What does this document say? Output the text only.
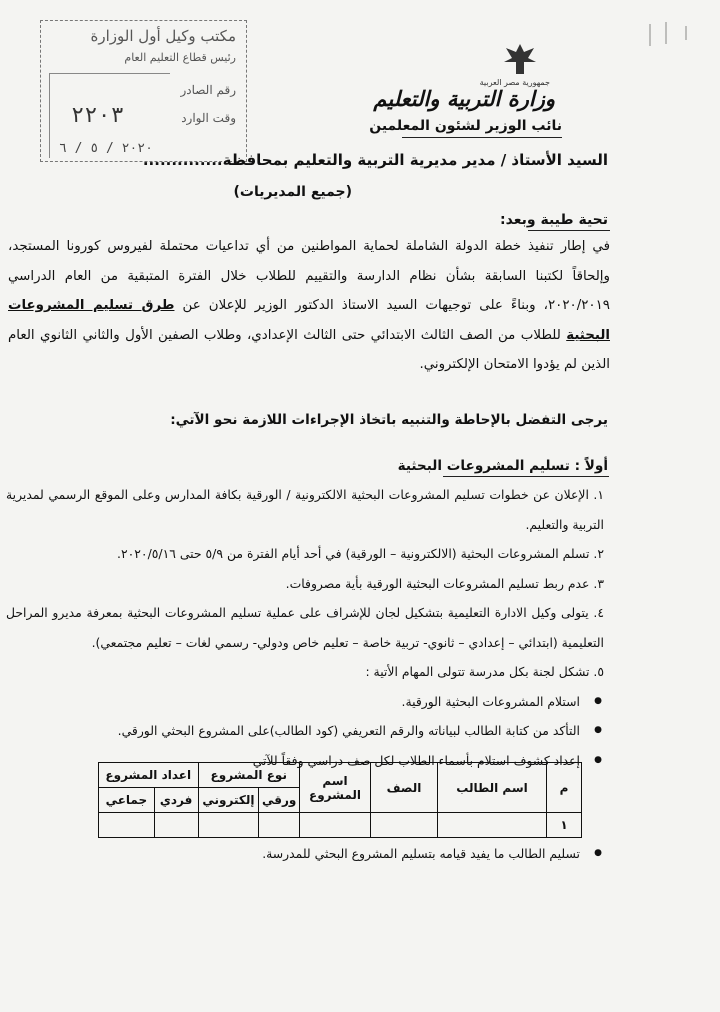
مكتب وكيل أول الوزارة
رئيس قطاع التعليم العام
رقم الصادر
وقت الوارد
٢٢٠٣
٢٠٢٠ / ٥ / ٦
جمهورية مصر العربية
وزارة التربية والتعليم
نائب الوزير لشئون المعلمين
السيد الأستاذ / مدير مديرية التربية والتعليم بمحافظة..............
(جميع المديريات)
تحية طيبة وبعد:
في إطار تنفيذ خطة الدولة الشاملة لحماية المواطنين من أي تداعيات محتملة لفيروس كورونا المستجد، وإلحاقاً لكتبنا السابقة بشأن نظام الدارسة والتقييم للطلاب خلال الفترة المتبقية من العام الدراسي ٢٠٢٠/٢٠١٩، وبناءً على توجيهات السيد الاستاذ الدكتور الوزير للإعلان عن طرق تسليم المشروعات البحثية للطلاب من الصف الثالث الابتدائي حتى الثالث الإعدادي، وطلاب الصفين الأول والثاني الثانوي العام الذين لم يؤدوا الامتحان الإلكتروني.
يرجى التفضل بالإحاطة والتنبيه باتخاذ الإجراءات اللازمة نحو الآتي:
أولاً : تسليم المشروعات البحثية

١. الإعلان عن خطوات تسليم المشروعات البحثية الالكترونية / الورقية بكافة المدارس وعلى الموقع الرسمي لمديرية التربية والتعليم.

٢. تسلم المشروعات البحثية (الالكترونية – الورقية) في أحد أيام الفترة من ٥/٩ حتى ٢٠٢٠/٥/١٦.

٣. عدم ربط تسليم المشروعات البحثية الورقية بأية مصروفات.

٤. يتولى وكيل الادارة التعليمية بتشكيل لجان للإشراف على عملية تسليم المشروعات البحثية بمعرفة مديرو المراحل التعليمية (ابتدائي – إعدادي – ثانوي- تربية خاصة – تعليم خاص ودولي- رسمي لغات – تعليم مجتمعي).

٥. تشكل لجنة بكل مدرسة تتولى المهام الأتية :

● استلام المشروعات البحثية الورقية.

● التأكد من كتابة الطالب لبياناته والرقم التعريفي (كود الطالب)على المشروع البحثي الورقي.

● إعداد كشوف استلام بأسماء الطلاب لكل صف دراسي وفقاً للآتي

م	اسم الطالب	الصف	اسم المشروع	نوع المشروع		اعداد المشروع	
				ورقي	إلكتروني	فردي	جماعي
١							
● تسليم الطالب ما يفيد قيامه بتسليم المشروع البحثي للمدرسة.
